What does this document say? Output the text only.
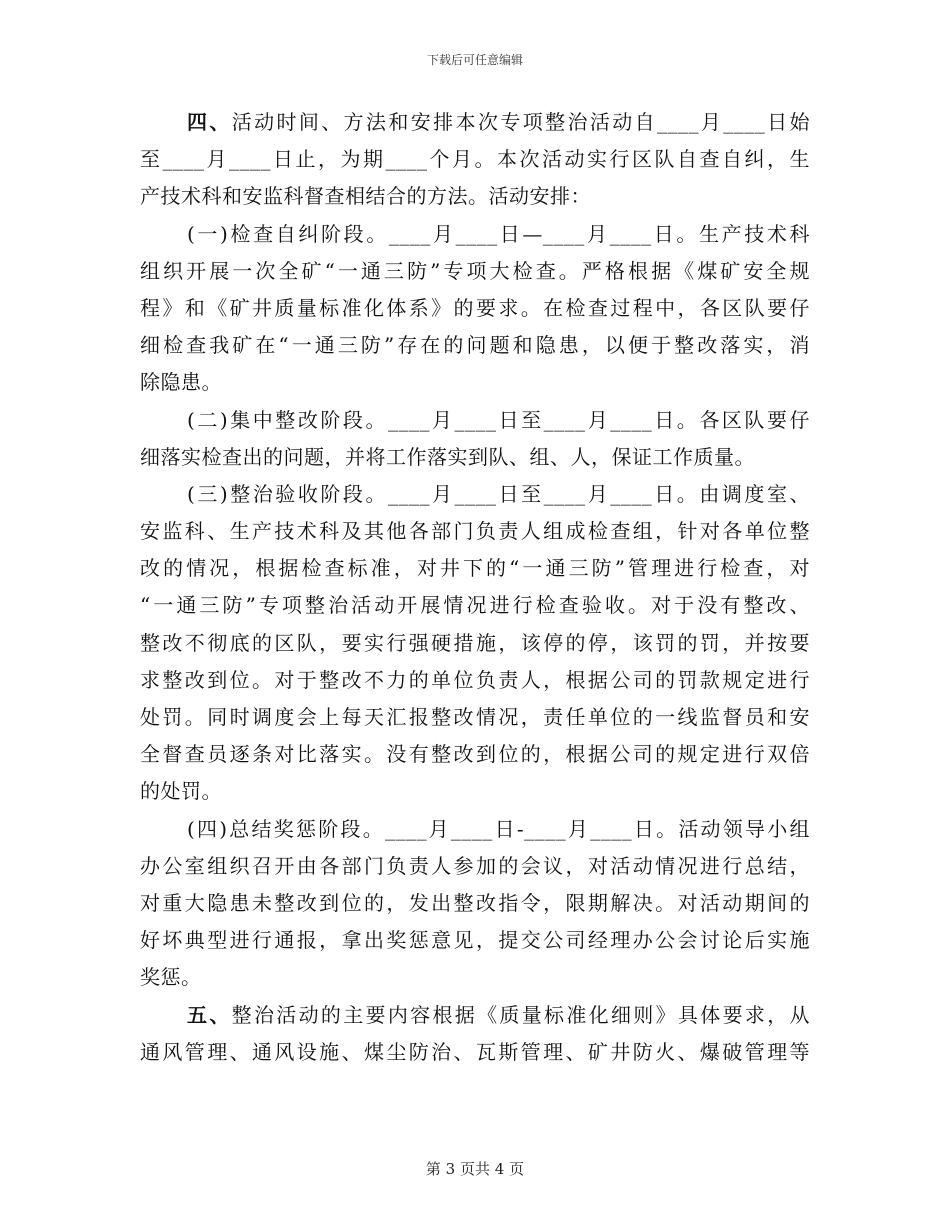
下载后可任意编辑
四、活动时间、方法和安排本次专项整治活动自____月____日始
至____月____日止，为期____个月。本次活动实行区队自查自纠，生
产技术科和安监科督查相结合的方法。活动安排：
(一)检查自纠阶段。____月____日—____月____日。生产技术科
组织开展一次全矿“一通三防”专项大检查。严格根据《煤矿安全规
程》和《矿井质量标准化体系》的要求。在检查过程中，各区队要仔
细检查我矿在“一通三防”存在的问题和隐患，以便于整改落实，消
除隐患。
(二)集中整改阶段。____月____日至____月____日。各区队要仔
细落实检查出的问题，并将工作落实到队、组、人，保证工作质量。
(三)整治验收阶段。____月____日至____月____日。由调度室、
安监科、生产技术科及其他各部门负责人组成检查组，针对各单位整
改的情况，根据检查标准，对井下的“一通三防”管理进行检查，对
“一通三防”专项整治活动开展情况进行检查验收。对于没有整改、
整改不彻底的区队，要实行强硬措施，该停的停，该罚的罚，并按要
求整改到位。对于整改不力的单位负责人，根据公司的罚款规定进行
处罚。同时调度会上每天汇报整改情况，责任单位的一线监督员和安
全督查员逐条对比落实。没有整改到位的，根据公司的规定进行双倍
的处罚。
(四)总结奖惩阶段。____月____日-____月____日。活动领导小组
办公室组织召开由各部门负责人参加的会议，对活动情况进行总结，
对重大隐患未整改到位的，发出整改指令，限期解决。对活动期间的
好坏典型进行通报，拿出奖惩意见，提交公司经理办公会讨论后实施
奖惩。
五、整治活动的主要内容根据《质量标准化细则》具体要求，从
通风管理、通风设施、煤尘防治、瓦斯管理、矿井防火、爆破管理等
第 3 页共 4 页
